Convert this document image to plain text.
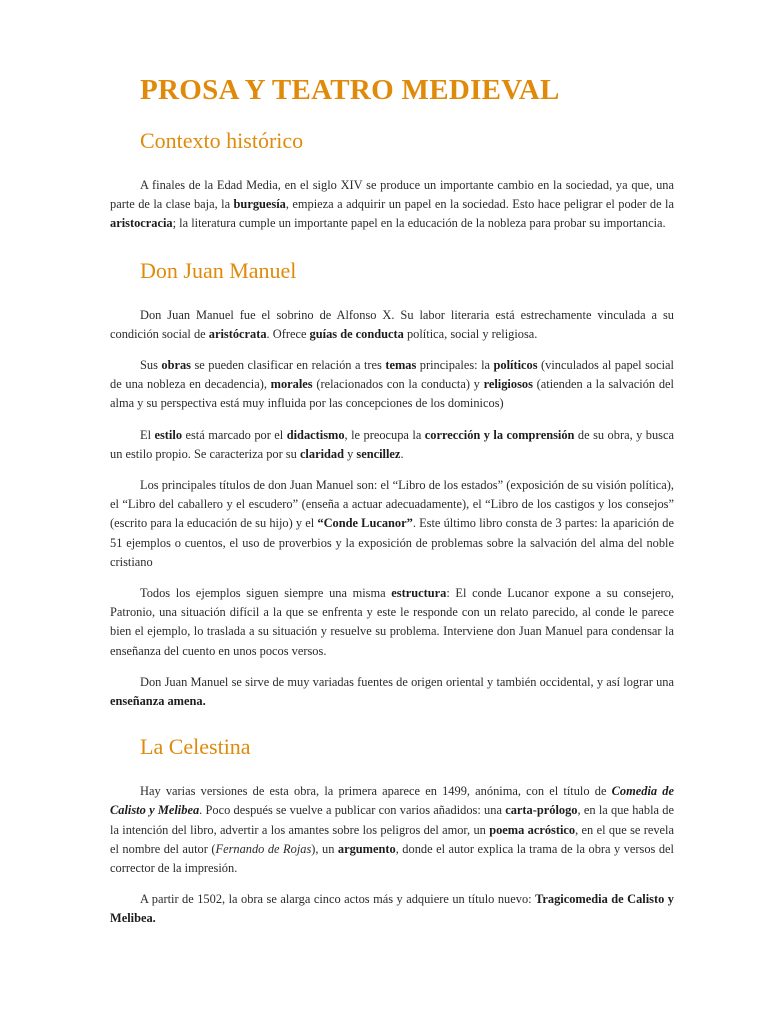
PROSA Y TEATRO MEDIEVAL
Contexto histórico

A finales de la Edad Media, en el siglo XIV se produce un importante cambio en la sociedad, ya que, una parte de la clase baja, la burguesía, empieza a adquirir un papel en la sociedad. Esto hace peligrar el poder de la aristocracia; la literatura cumple un importante papel en la educación de la nobleza para probar su importancia.

Don Juan Manuel

Don Juan Manuel fue el sobrino de Alfonso X. Su labor literaria está estrechamente vinculada a su condición social de aristócrata. Ofrece guías de conducta política, social y religiosa.

Sus obras se pueden clasificar en relación a tres temas principales: la políticos (vinculados al papel social de una nobleza en decadencia), morales (relacionados con la conducta) y religiosos (atienden a la salvación del alma y su perspectiva está muy influida por las concepciones de los dominicos)

El estilo está marcado por el didactismo, le preocupa la corrección y la comprensión de su obra, y busca un estilo propio. Se caracteriza por su claridad y sencillez.

Los principales títulos de don Juan Manuel son: el “Libro de los estados” (exposición de su visión política), el “Libro del caballero y el escudero” (enseña a actuar adecuadamente), el “Libro de los castigos y los consejos” (escrito para la educación de su hijo) y el “Conde Lucanor”. Este último libro consta de 3 partes: la aparición de 51 ejemplos o cuentos, el uso de proverbios y la exposición de problemas sobre la salvación del alma del noble cristiano

Todos los ejemplos siguen siempre una misma estructura: El conde Lucanor expone a su consejero, Patronio, una situación difícil a la que se enfrenta y este le responde con un relato parecido, al conde le parece bien el ejemplo, lo traslada a su situación y resuelve su problema. Interviene don Juan Manuel para condensar la enseñanza del cuento en unos pocos versos.

Don Juan Manuel se sirve de muy variadas fuentes de origen oriental y también occidental, y así lograr una enseñanza amena.

La Celestina

Hay varias versiones de esta obra, la primera aparece en 1499, anónima, con el título de Comedia de Calisto y Melibea. Poco después se vuelve a publicar con varios añadidos: una carta-prólogo, en la que habla de la intención del libro, advertir a los amantes sobre los peligros del amor, un poema acróstico, en el que se revela el nombre del autor (Fernando de Rojas), un argumento, donde el autor explica la trama de la obra y versos del corrector de la impresión.

A partir de 1502, la obra se alarga cinco actos más y adquiere un título nuevo: Tragicomedia de Calisto y Melibea.
